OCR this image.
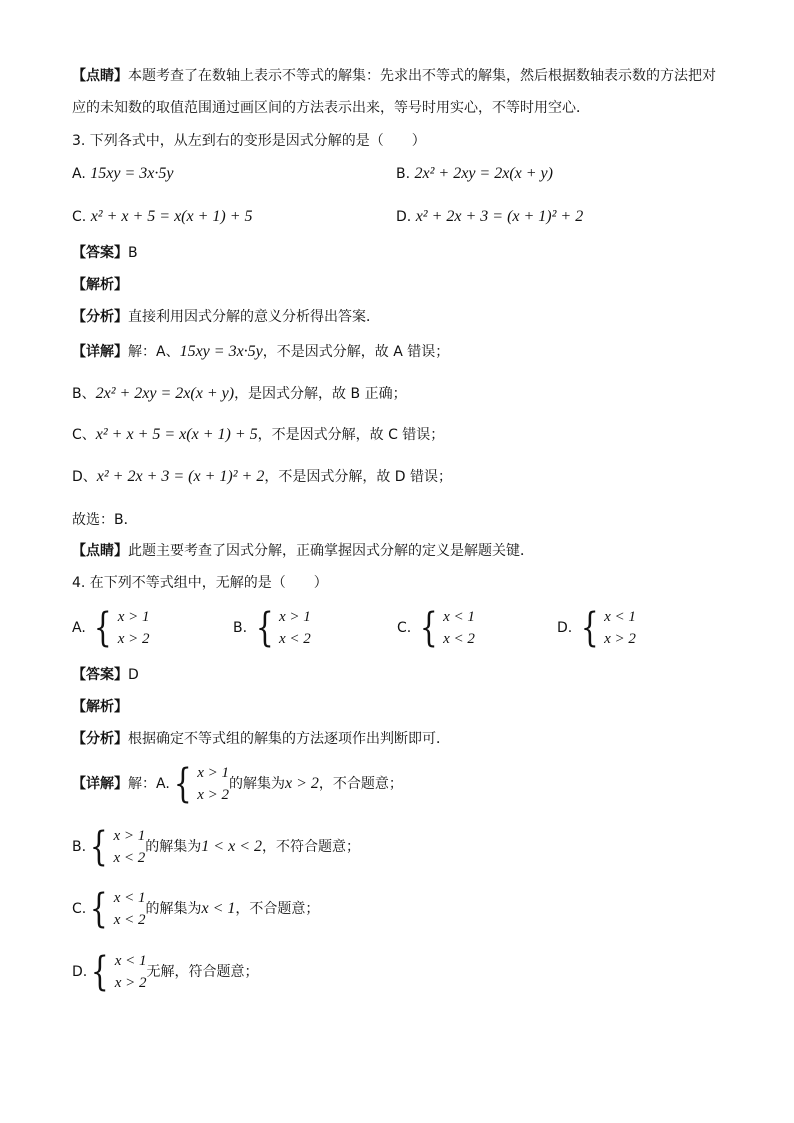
【点睛】本题考查了在数轴上表示不等式的解集：先求出不等式的解集，然后根据数轴表示数的方法把对
应的未知数的取值范围通过画区间的方法表示出来，等号时用实心，不等时用空心．
3. 下列各式中，从左到右的变形是因式分解的是（　　）
A. 15xy = 3x·5y	B. 2x² + 2xy = 2x(x + y)
C. x² + x + 5 = x(x + 1) + 5	D. x² + 2x + 3 = (x + 1)² + 2
【答案】B
【解析】
【分析】直接利用因式分解的意义分析得出答案．
【详解】解：A、15xy = 3x·5y，不是因式分解，故 A 错误；
B、2x² + 2xy = 2x(x + y)，是因式分解，故 B 正确；
C、x² + x + 5 = x(x + 1) + 5，不是因式分解，故 C 错误；
D、x² + 2x + 3 = (x + 1)² + 2，不是因式分解，故 D 错误；
故选：B．
【点睛】此题主要考查了因式分解，正确掌握因式分解的定义是解题关键．
4. 在下列不等式组中，无解的是（　　）
A. { x > 1
x > 2
B. { x > 1
x < 2
C. { x < 1
x < 2
D. { x < 1
x > 2
【答案】D
【解析】
【分析】根据确定不等式组的解集的方法逐项作出判断即可．
【详解】解：A. { x > 1
x > 2
的解集为x > 2，不合题意；
B. { x > 1
x < 2
的解集为1 < x < 2，不符合题意；
C. { x < 1
x < 2
的解集为x < 1，不合题意；
D. { x < 1
x > 2
无解，符合题意；
